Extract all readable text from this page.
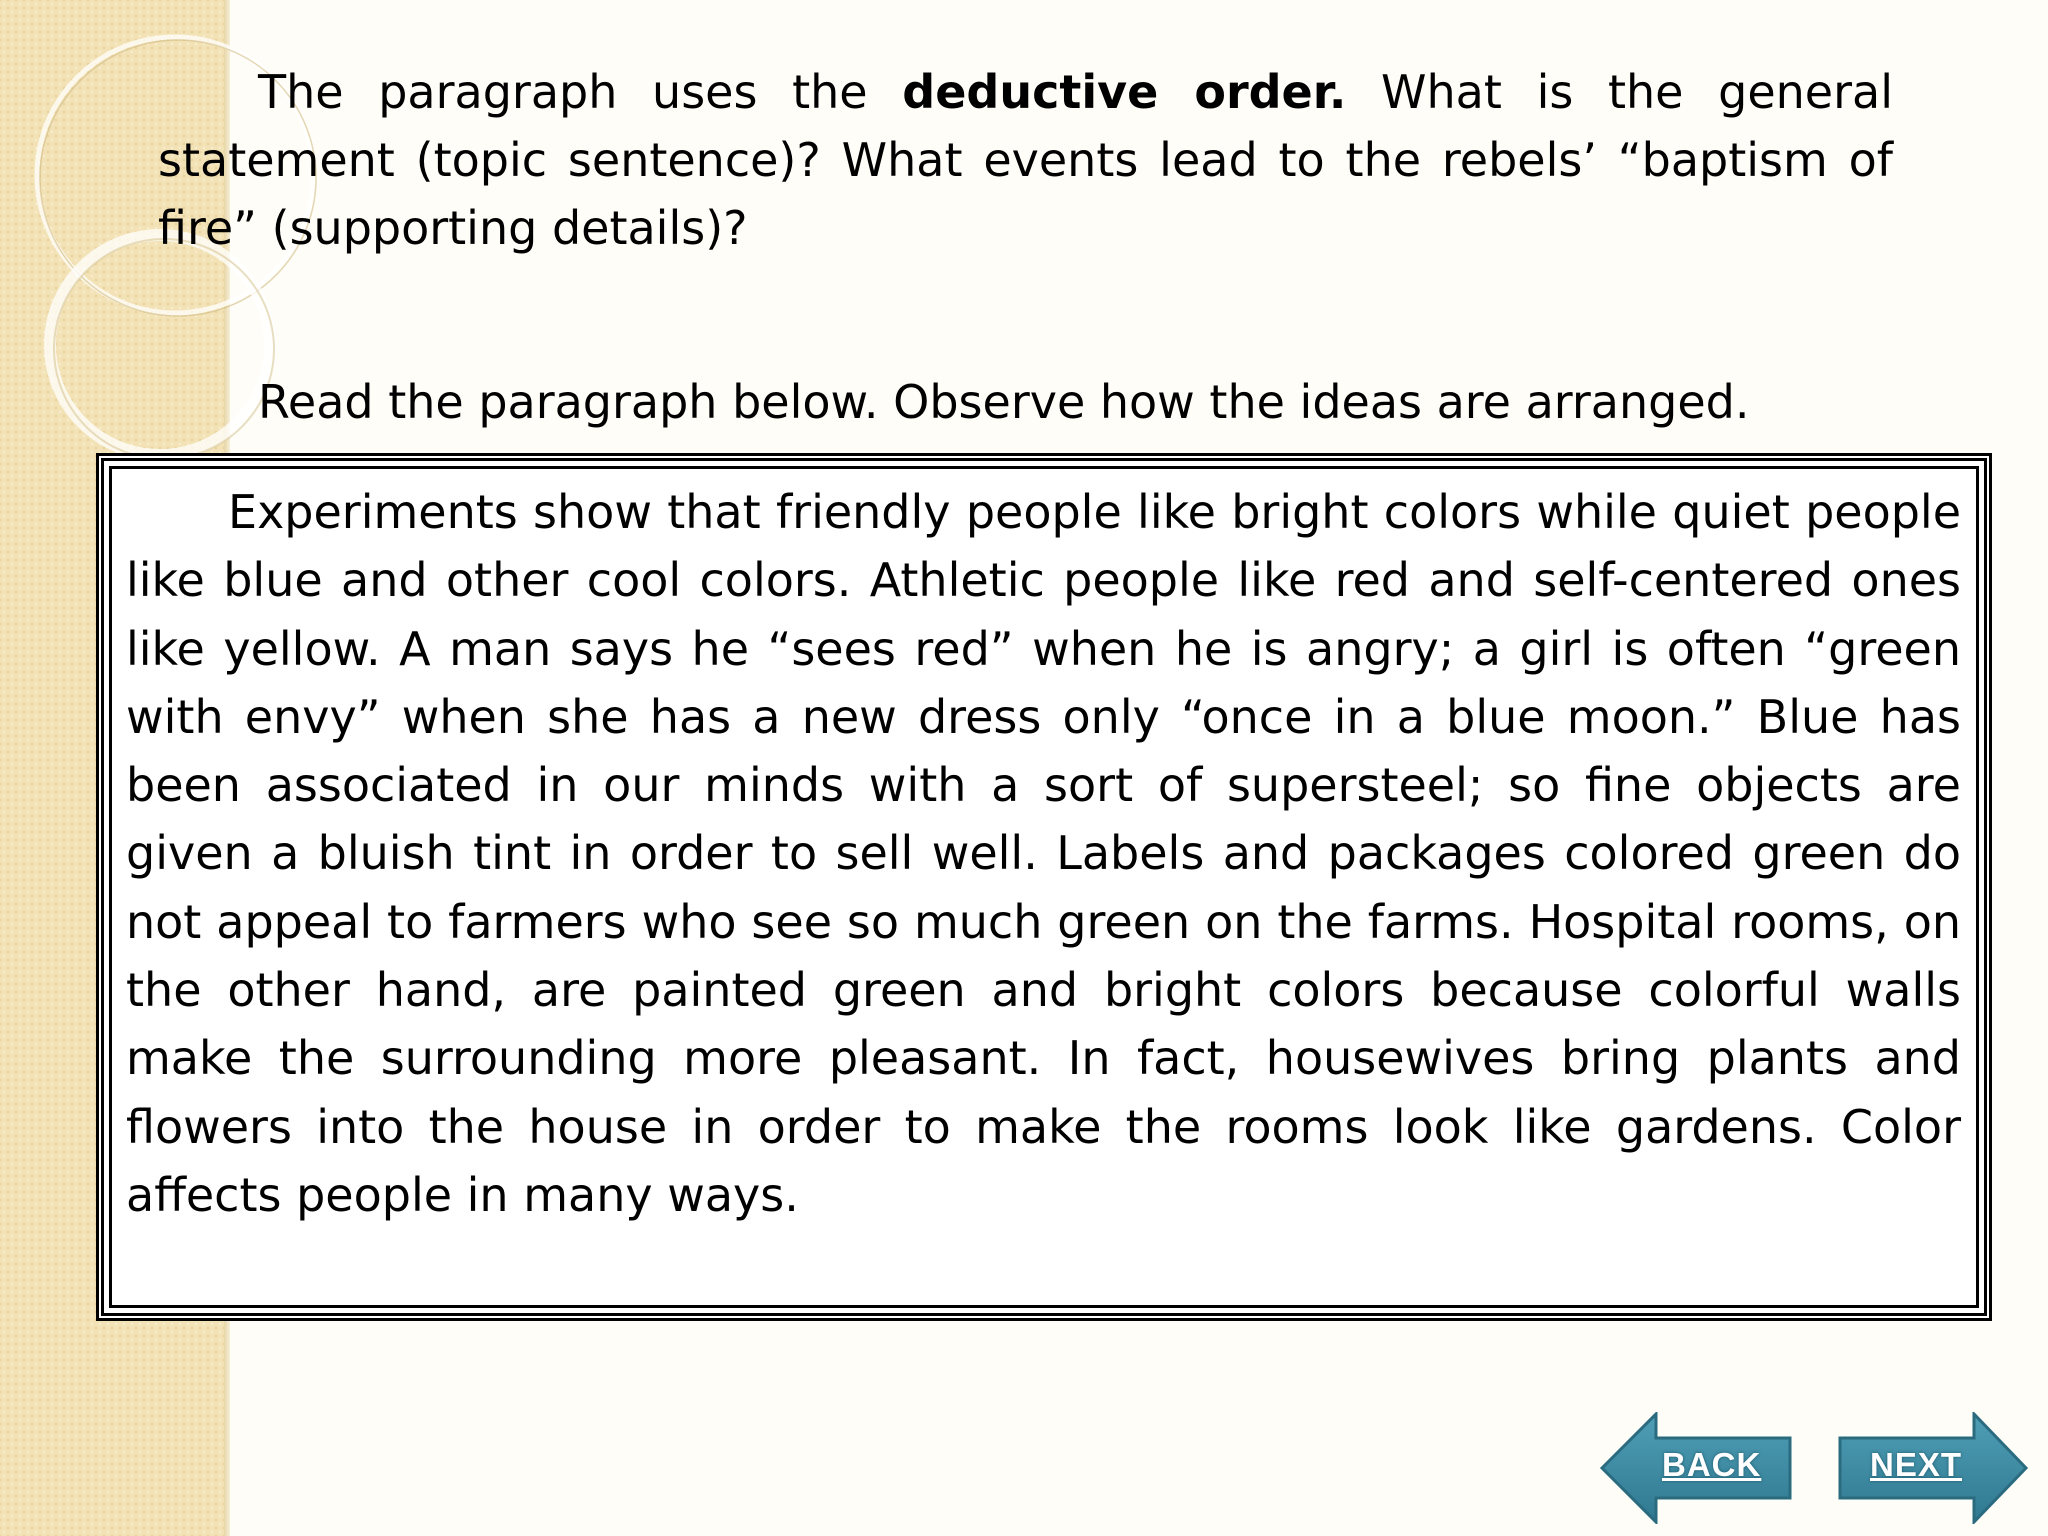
The paragraph uses the deductive order. What is the general statement (topic sentence)? What events lead to the rebels’ “baptism of fire” (supporting details)?
Read the paragraph below. Observe how the ideas are arranged.
Experiments show that friendly people like bright colors while quiet people like blue and other cool colors. Athletic people like red and self-centered ones like yellow. A man says he “sees red” when he is angry; a girl is often “green with envy” when she has a new dress only “once in a blue moon.” Blue has been associated in our minds with a sort of supersteel; so fine objects are given a bluish tint in order to sell well. Labels and packages colored green do not appeal to farmers who see so much green on the farms. Hospital rooms, on the other hand, are painted green and bright colors because colorful walls make the surrounding more pleasant. In fact, housewives bring plants and flowers into the house in order to make the rooms look like gardens. Color affects people in many ways.
BACK	NEXT
